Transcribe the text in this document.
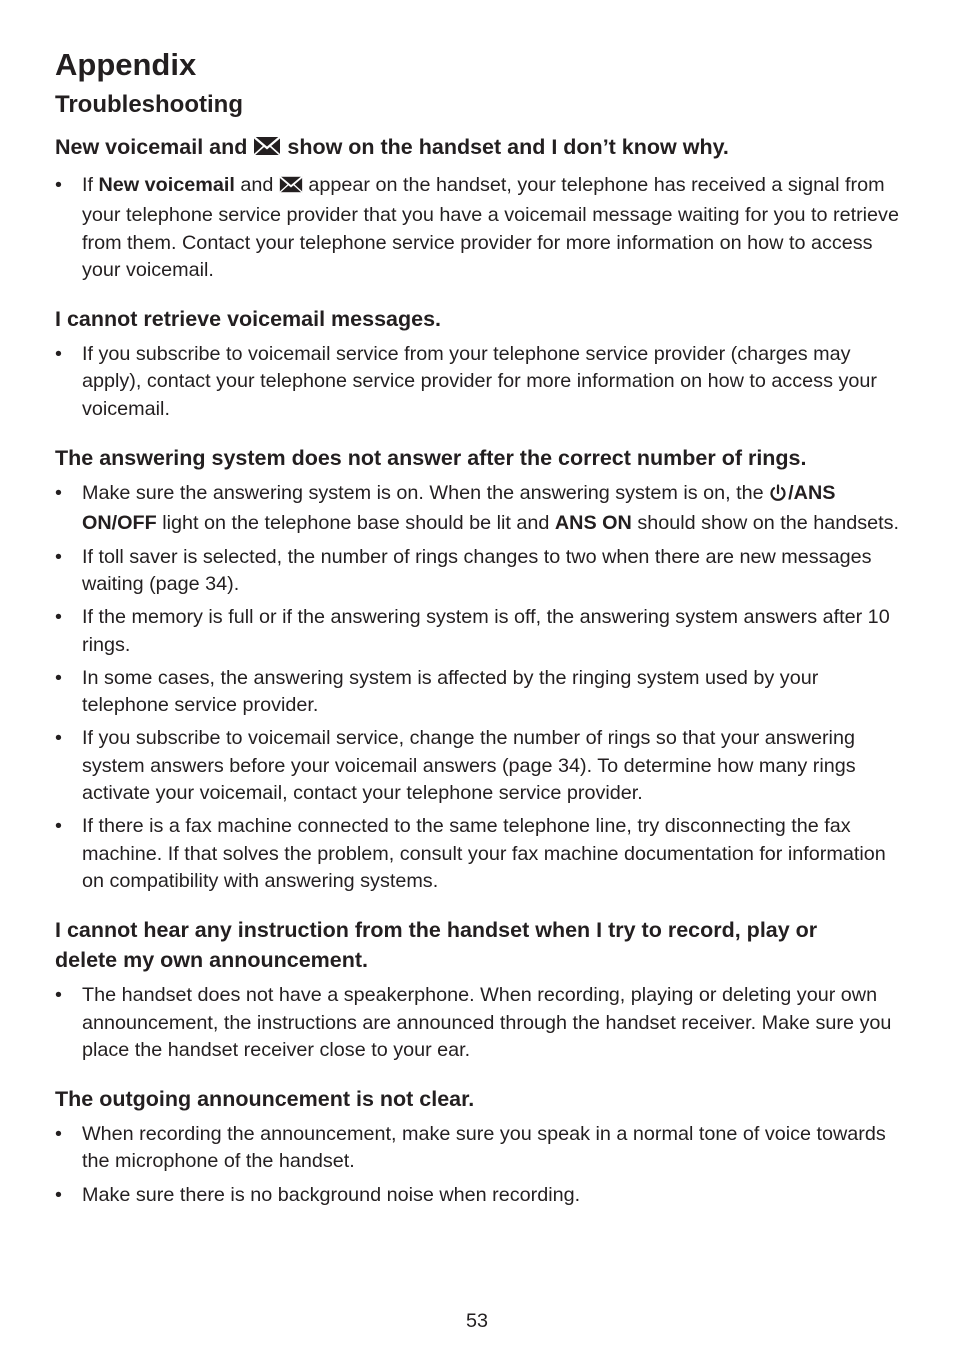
Appendix
Troubleshooting

New voicemail and show on the handset and I don’t know why.

• If New voicemail and appear on the handset, your telephone has received a signal from your telephone service provider that you have a voicemail message waiting for you to retrieve from them. Contact your telephone service provider for more information on how to access your voicemail.

I cannot retrieve voicemail messages.

• If you subscribe to voicemail service from your telephone service provider (charges may apply), contact your telephone service provider for more information on how to access your voicemail.

The answering system does not answer after the correct number of rings.

• Make sure the answering system is on. When the answering system is on, the /ANS ON/OFF light on the telephone base should be lit and ANS ON should show on the handsets.
• If toll saver is selected, the number of rings changes to two when there are new messages waiting (page 34).
• If the memory is full or if the answering system is off, the answering system answers after 10 rings.
• In some cases, the answering system is affected by the ringing system used by your telephone service provider.
• If you subscribe to voicemail service, change the number of rings so that your answering system answers before your voicemail answers (page 34). To determine how many rings activate your voicemail, contact your telephone service provider.
• If there is a fax machine connected to the same telephone line, try disconnecting the fax machine. If that solves the problem, consult your fax machine documentation for information on compatibility with answering systems.

I cannot hear any instruction from the handset when I try to record, play or delete my own announcement.

• The handset does not have a speakerphone. When recording, playing or deleting your own announcement, the instructions are announced through the handset receiver. Make sure you place the handset receiver close to your ear.

The outgoing announcement is not clear.

• When recording the announcement, make sure you speak in a normal tone of voice towards the microphone of the handset.
• Make sure there is no background noise when recording.
53
